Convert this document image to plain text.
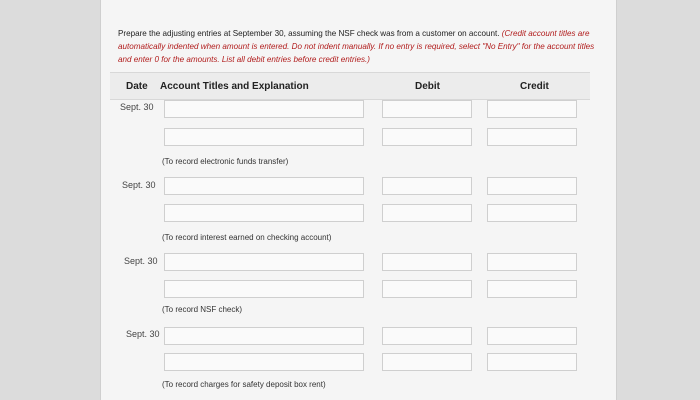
Prepare the adjusting entries at September 30, assuming the NSF check was from a customer on account. (Credit account titles are automatically indented when amount is entered. Do not indent manually. If no entry is required, select "No Entry" for the account titles and enter 0 for the amounts. List all debit entries before credit entries.)
Date Account Titles and Explanation	Debit	Credit
Sept. 30
(To record electronic funds transfer)
Sept. 30
(To record interest earned on checking account)
Sept. 30
(To record NSF check)
Sept. 30
(To record charges for safety deposit box rent)
